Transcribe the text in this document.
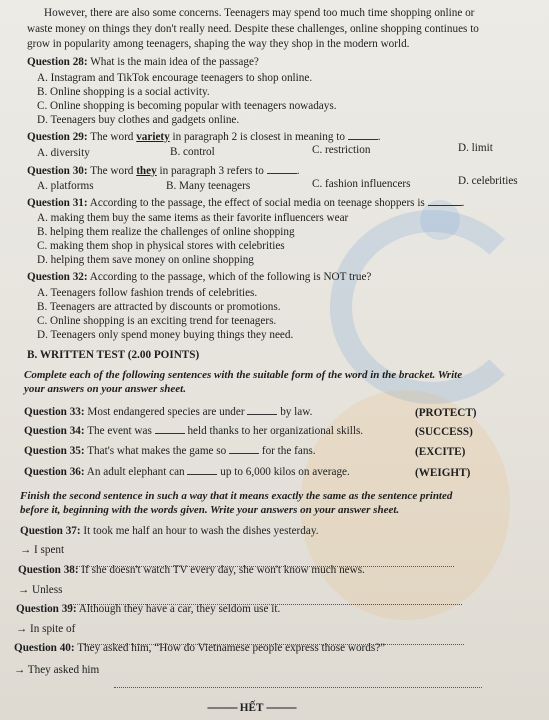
However, there are also some concerns. Teenagers may spend too much time shopping online or
waste money on things they don't really need. Despite these challenges, online shopping continues to
grow in popularity among teenagers, shaping the way they shop in the modern world.
Question 28: What is the main idea of the passage?
A. Instagram and TikTok encourage teenagers to shop online.
B. Online shopping is a social activity.
C. Online shopping is becoming popular with teenagers nowadays.
D. Teenagers buy clothes and gadgets online.
Question 29: The word variety in paragraph 2 is closest in meaning to	.
A. diversity	B. control	C. restriction	D. limit
Question 30: The word they in paragraph 3 refers to	.
A. platforms	B. Many teenagers	C. fashion influencers	D. celebrities
Question 31: According to the passage, the effect of social media on teenage shoppers is	.
A. making them buy the same items as their favorite influencers wear
B. helping them realize the challenges of online shopping
C. making them shop in physical stores with celebrities
D. helping them save money on online shopping
Question 32: According to the passage, which of the following is NOT true?
A. Teenagers follow fashion trends of celebrities.
B. Teenagers are attracted by discounts or promotions.
C. Online shopping is an exciting trend for teenagers.
D. Teenagers only spend money buying things they need.
B. WRITTEN TEST (2.00 POINTS)
Complete each of the following sentences with the suitable form of the word in the bracket. Write
your answers on your answer sheet.
Question 33: Most endangered species are under	by law.	(PROTECT)
Question 34: The event was	held thanks to her organizational skills.	(SUCCESS)
Question 35: That's what makes the game so	for the fans.	(EXCITE)
Question 36: An adult elephant can	up to 6,000 kilos on average.	(WEIGHT)
Finish the second sentence in such a way that it means exactly the same as the sentence printed
before it, beginning with the words given. Write your answers on your answer sheet.
Question 37: It took me half an hour to wash the dishes yesterday.
→ I spent
Question 38: If she doesn't watch TV every day, she won't know much news.
→ Unless
Question 39: Although they have a car, they seldom use it.
→ In spite of
Question 40: They asked him, “How do Vietnamese people express those words?”
→ They asked him
----------- HẾT -----------
